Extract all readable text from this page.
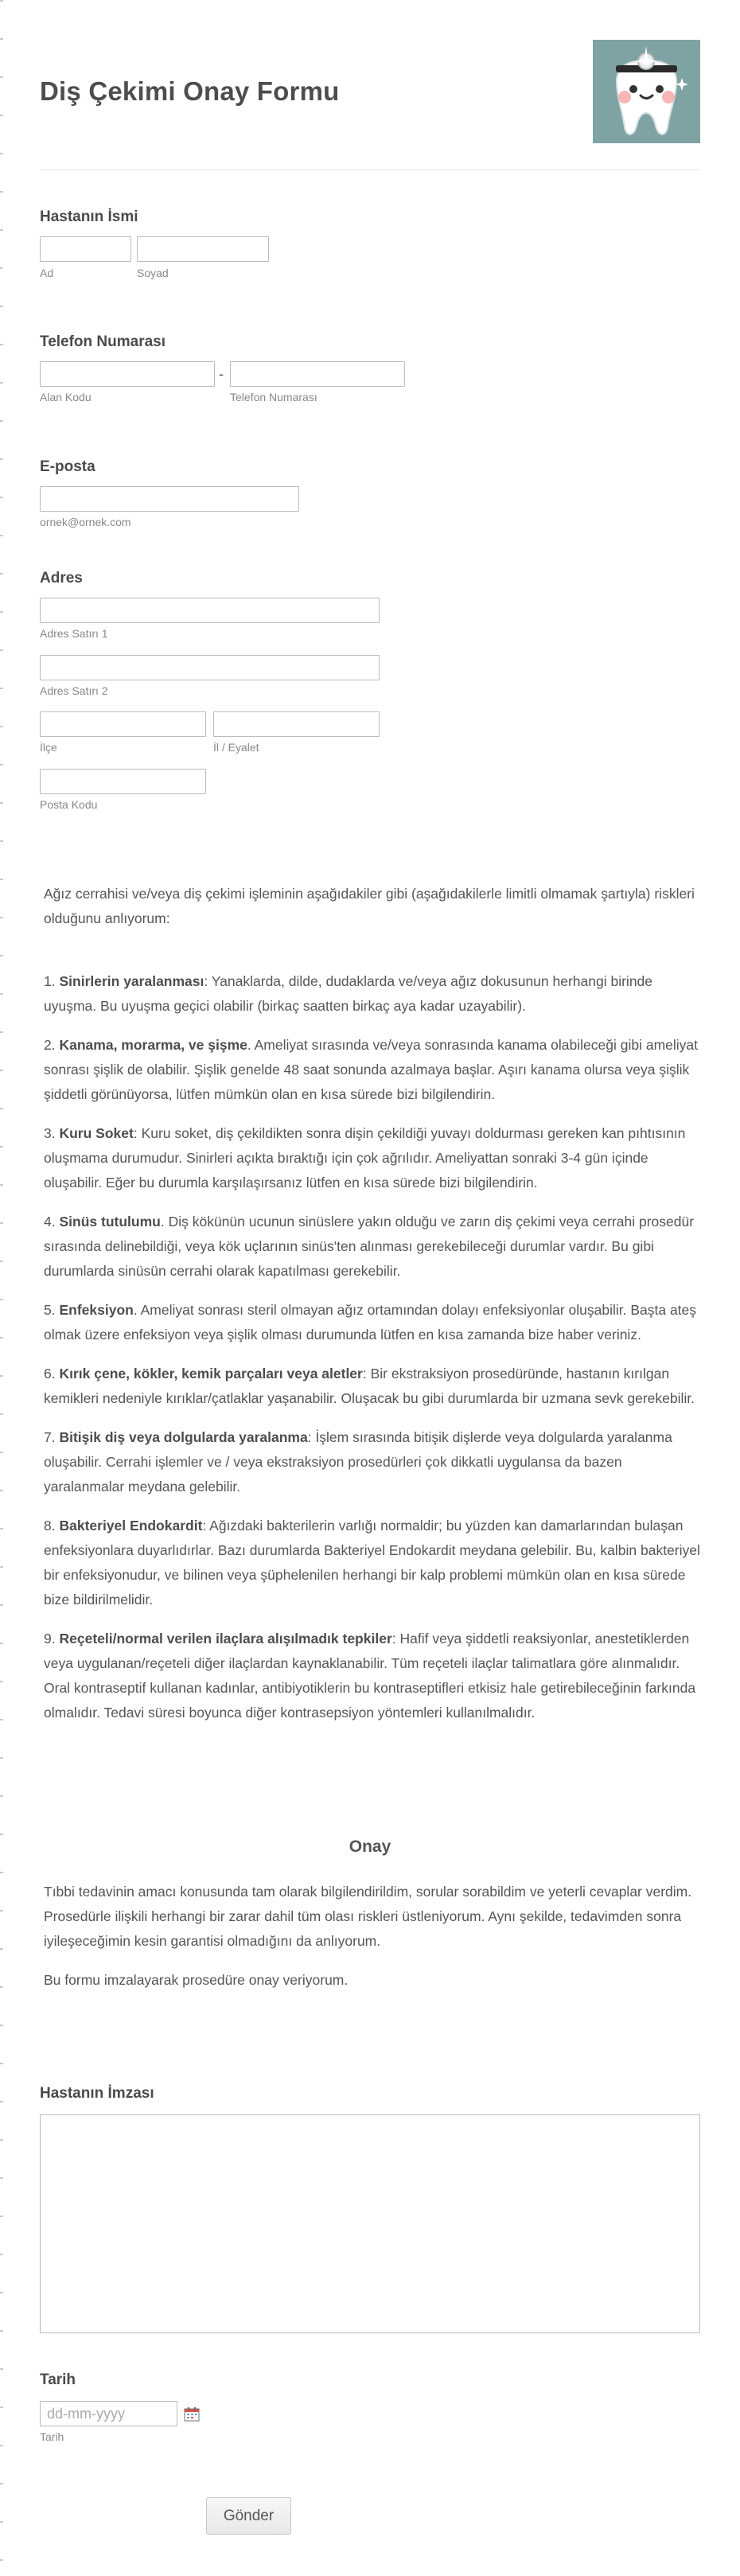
Diş Çekimi Onay Formu
Hastanın İsmi
Ad	Soyad
Telefon Numarası
-
Alan Kodu	Telefon Numarası
E-posta
ornek@ornek.com
Adres
Adres Satırı 1
Adres Satırı 2
İlçe	İl / Eyalet
Posta Kodu

Ağız cerrahisi ve/veya diş çekimi işleminin aşağıdakiler gibi (aşağıdakilerle limitli olmamak şartıyla) riskleri olduğunu anlıyorum:

1. Sinirlerin yaralanması: Yanaklarda, dilde, dudaklarda ve/veya ağız dokusunun herhangi birinde uyuşma. Bu uyuşma geçici olabilir (birkaç saatten birkaç aya kadar uzayabilir).

2. Kanama, morarma, ve şişme. Ameliyat sırasında ve/veya sonrasında kanama olabileceği gibi ameliyat sonrası şişlik de olabilir. Şişlik genelde 48 saat sonunda azalmaya başlar. Aşırı kanama olursa veya şişlik şiddetli görünüyorsa, lütfen mümkün olan en kısa sürede bizi bilgilendirin.

3. Kuru Soket: Kuru soket, diş çekildikten sonra dişin çekildiği yuvayı doldurması gereken kan pıhtısının oluşmama durumudur. Sinirleri açıkta bıraktığı için çok ağrılıdır. Ameliyattan sonraki 3-4 gün içinde oluşabilir. Eğer bu durumla karşılaşırsanız lütfen en kısa sürede bizi bilgilendirin.

4. Sinüs tutulumu. Diş kökünün ucunun sinüslere yakın olduğu ve zarın diş çekimi veya cerrahi prosedür sırasında delinebildiği, veya kök uçlarının sinüs'ten alınması gerekebileceği durumlar vardır. Bu gibi durumlarda sinüsün cerrahi olarak kapatılması gerekebilir.

5. Enfeksiyon. Ameliyat sonrası steril olmayan ağız ortamından dolayı enfeksiyonlar oluşabilir. Başta ateş olmak üzere enfeksiyon veya şişlik olması durumunda lütfen en kısa zamanda bize haber veriniz.

6. Kırık çene, kökler, kemik parçaları veya aletler: Bir ekstraksiyon prosedüründe, hastanın kırılgan kemikleri nedeniyle kırıklar/çatlaklar yaşanabilir. Oluşacak bu gibi durumlarda bir uzmana sevk gerekebilir.

7. Bitişik diş veya dolgularda yaralanma: İşlem sırasında bitişik dişlerde veya dolgularda yaralanma oluşabilir. Cerrahi işlemler ve / veya ekstraksiyon prosedürleri çok dikkatli uygulansa da bazen yaralanmalar meydana gelebilir.

8. Bakteriyel Endokardit: Ağızdaki bakterilerin varlığı normaldir; bu yüzden kan damarlarından bulaşan enfeksiyonlara duyarlıdırlar. Bazı durumlarda Bakteriyel Endokardit meydana gelebilir. Bu, kalbin bakteriyel bir enfeksiyonudur, ve bilinen veya şüphelenilen herhangi bir kalp problemi mümkün olan en kısa sürede bize bildirilmelidir.

9. Reçeteli/normal verilen ilaçlara alışılmadık tepkiler: Hafif veya şiddetli reaksiyonlar, anestetiklerden veya uygulanan/reçeteli diğer ilaçlardan kaynaklanabilir. Tüm reçeteli ilaçlar talimatlara göre alınmalıdır. Oral kontraseptif kullanan kadınlar, antibiyotiklerin bu kontraseptifleri etkisiz hale getirebileceğinin farkında olmalıdır. Tedavi süresi boyunca diğer kontrasepsiyon yöntemleri kullanılmalıdır.

Onay

Tıbbi tedavinin amacı konusunda tam olarak bilgilendirildim, sorular sorabildim ve yeterli cevaplar verdim. Prosedürle ilişkili herhangi bir zarar dahil tüm olası riskleri üstleniyorum. Aynı şekilde, tedavimden sonra iyileşeceğimin kesin garantisi olmadığını da anlıyorum.

Bu formu imzalayarak prosedüre onay veriyorum.

Hastanın İmzası
Tarih
dd-mm-yyyy
Tarih
Gönder
